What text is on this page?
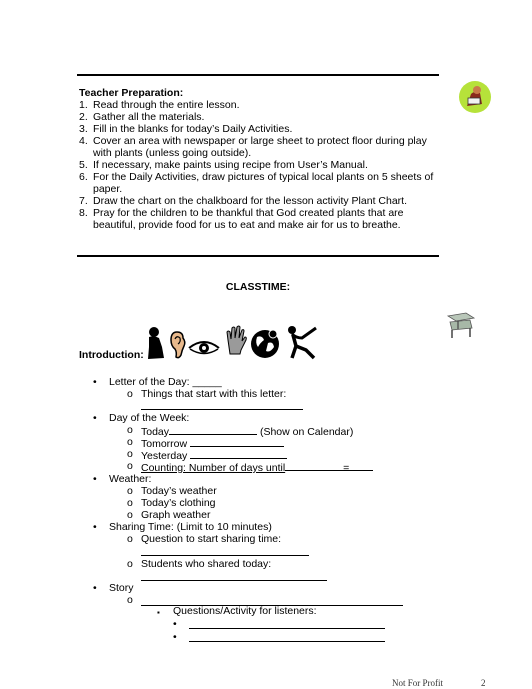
Teacher Preparation:
1. Read through the entire lesson.
2. Gather all the materials.
3. Fill in the blanks for today’s Daily Activities.
4. Cover an area with newspaper or large sheet to protect floor during play with plants (unless going outside).
5. If necessary, make paints using recipe from User’s Manual.
6. For the Daily Activities, draw pictures of typical local plants on 5 sheets of paper.
7. Draw the chart on the chalkboard for the lesson activity Plant Chart.
8. Pray for the children to be thankful that God created plants that are beautiful, provide food for us to eat and make air for us to breathe.
CLASSTIME:
Introduction:
• Letter of the Day: _____
o Things that start with this letter:
• Day of the Week:
o Today	(Show on Calendar)
o Tomorrow
o Yesterday
o Counting: Number of days until	=
• Weather:
o Today’s weather
o Today’s clothing
o Graph weather
• Sharing Time: (Limit to 10 minutes)
o Question to start sharing time:
o Students who shared today:
• Story
o
▪ Questions/Activity for listeners:
•
•
Not For Profit	2
